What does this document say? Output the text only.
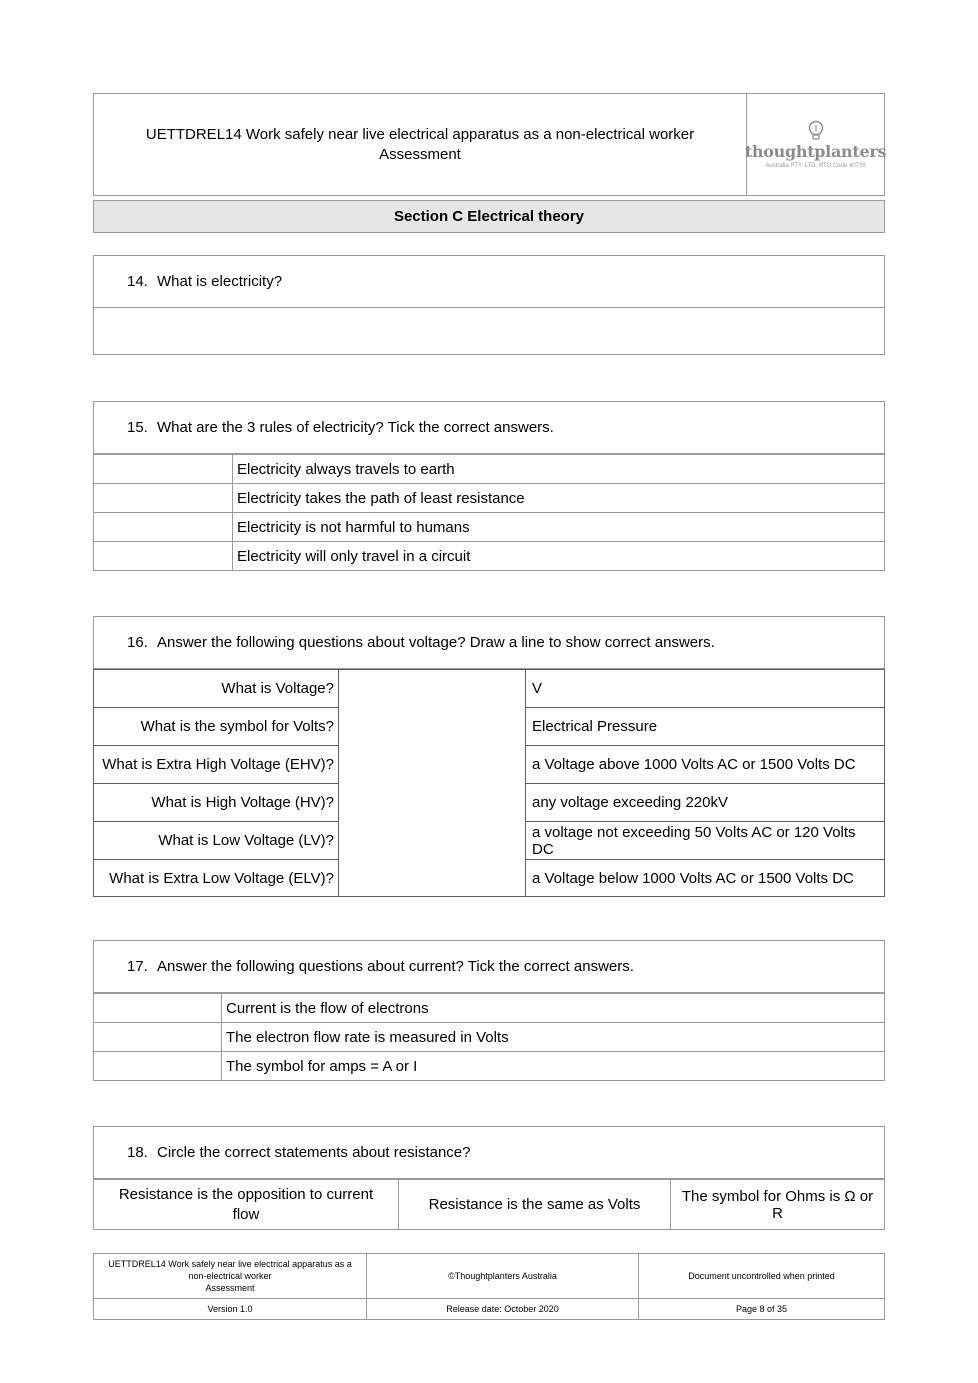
UETTDREL14 Work safely near live electrical apparatus as a non-electrical worker
Assessment	thoughtplanters
Australia PTY. LTD. RTO Code 40739
Section C Electrical theory
14. What is electricity?
15. What are the 3 rules of electricity? Tick the correct answers.
	Electricity always travels to earth
	Electricity takes the path of least resistance
	Electricity is not harmful to humans
	Electricity will only travel in a circuit
16. Answer the following questions about voltage? Draw a line to show correct answers.
What is Voltage?		V
What is the symbol for Volts?		Electrical Pressure
What is Extra High Voltage (EHV)?		a Voltage above 1000 Volts AC or 1500 Volts DC
What is High Voltage (HV)?		any voltage exceeding 220kV
What is Low Voltage (LV)?		a voltage not exceeding 50 Volts AC or 120 Volts DC
What is Extra Low Voltage (ELV)?		a Voltage below 1000 Volts AC or 1500 Volts DC
17. Answer the following questions about current? Tick the correct answers.
	Current is the flow of electrons
	The electron flow rate is measured in Volts
	The symbol for amps = A or I
18. Circle the correct statements about resistance?
Resistance is the opposition to current flow	Resistance is the same as Volts	The symbol for Ohms is Ω or R
UETTDREL14 Work safely near live electrical apparatus as a
non-electrical worker
Assessment	©Thoughtplanters Australia	Document uncontrolled when printed
Version 1.0	Release date: October 2020	Page 8 of 35
